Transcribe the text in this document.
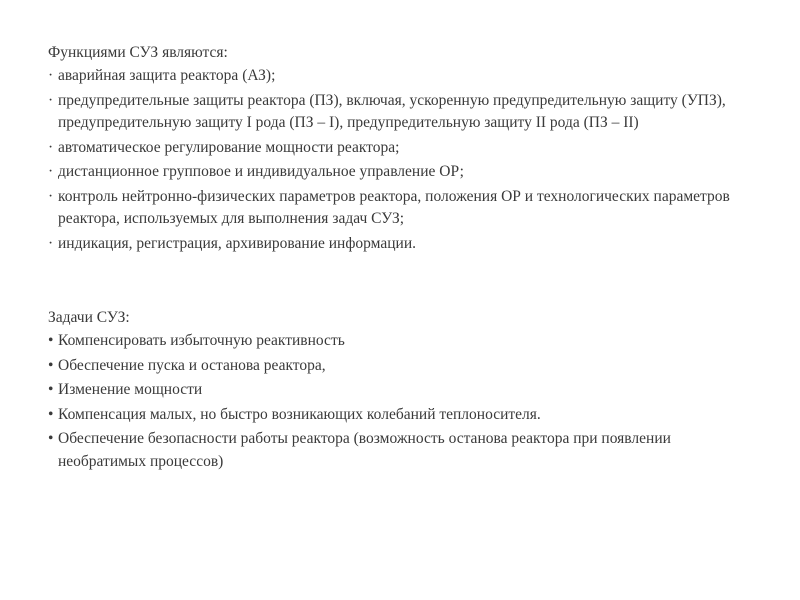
Функциями СУЗ являются:

· аварийная защита реактора (АЗ);
· предупредительные защиты реактора (ПЗ), включая, ускоренную предупредительную защиту (УПЗ), предупредительную защиту I рода (ПЗ – I), предупредительную защиту II рода (ПЗ – II)
· автоматическое регулирование мощности реактора;
· дистанционное групповое и индивидуальное управление ОР;
· контроль нейтронно-физических параметров реактора, положения ОР и технологических параметров реактора, используемых для выполнения задач СУЗ;
· индикация, регистрация, архивирование информации.

Задачи СУЗ:

• Компенсировать избыточную реактивность
• Обеспечение пуска и останова реактора,
• Изменение мощности
• Компенсация малых, но быстро возникающих колебаний теплоносителя.
• Обеспечение безопасности работы реактора (возможность останова реактора при появлении необратимых процессов)
